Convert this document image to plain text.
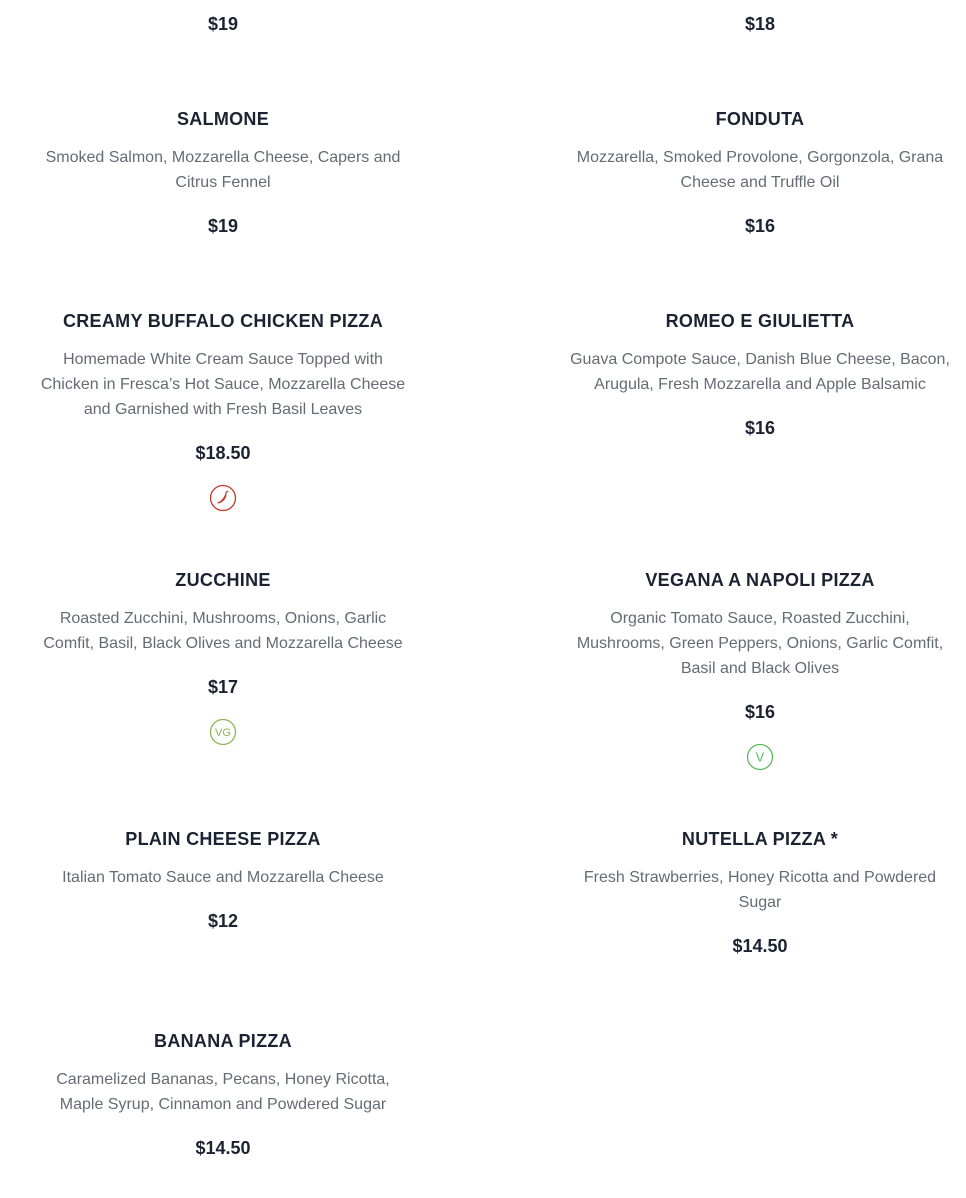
$19
SALMONE
Smoked Salmon, Mozzarella Cheese, Capers and Citrus Fennel
$19
CREAMY BUFFALO CHICKEN PIZZA
Homemade White Cream Sauce Topped with Chicken in Fresca’s Hot Sauce, Mozzarella Cheese and Garnished with Fresh Basil Leaves
$18.50
ZUCCHINE
Roasted Zucchini, Mushrooms, Onions, Garlic Comfit, Basil, Black Olives and Mozzarella Cheese
$17
VG
PLAIN CHEESE PIZZA
Italian Tomato Sauce and Mozzarella Cheese
$12
BANANA PIZZA
Caramelized Bananas, Pecans, Honey Ricotta, Maple Syrup, Cinnamon and Powdered Sugar
$14.50
$18
FONDUTA
Mozzarella, Smoked Provolone, Gorgonzola, Grana Cheese and Truffle Oil
$16
ROMEO E GIULIETTA
Guava Compote Sauce, Danish Blue Cheese, Bacon, Arugula, Fresh Mozzarella and Apple Balsamic
$16
VEGANA A NAPOLI PIZZA
Organic Tomato Sauce, Roasted Zucchini, Mushrooms, Green Peppers, Onions, Garlic Comfit, Basil and Black Olives
$16
V
NUTELLA PIZZA *
Fresh Strawberries, Honey Ricotta and Powdered Sugar
$14.50
